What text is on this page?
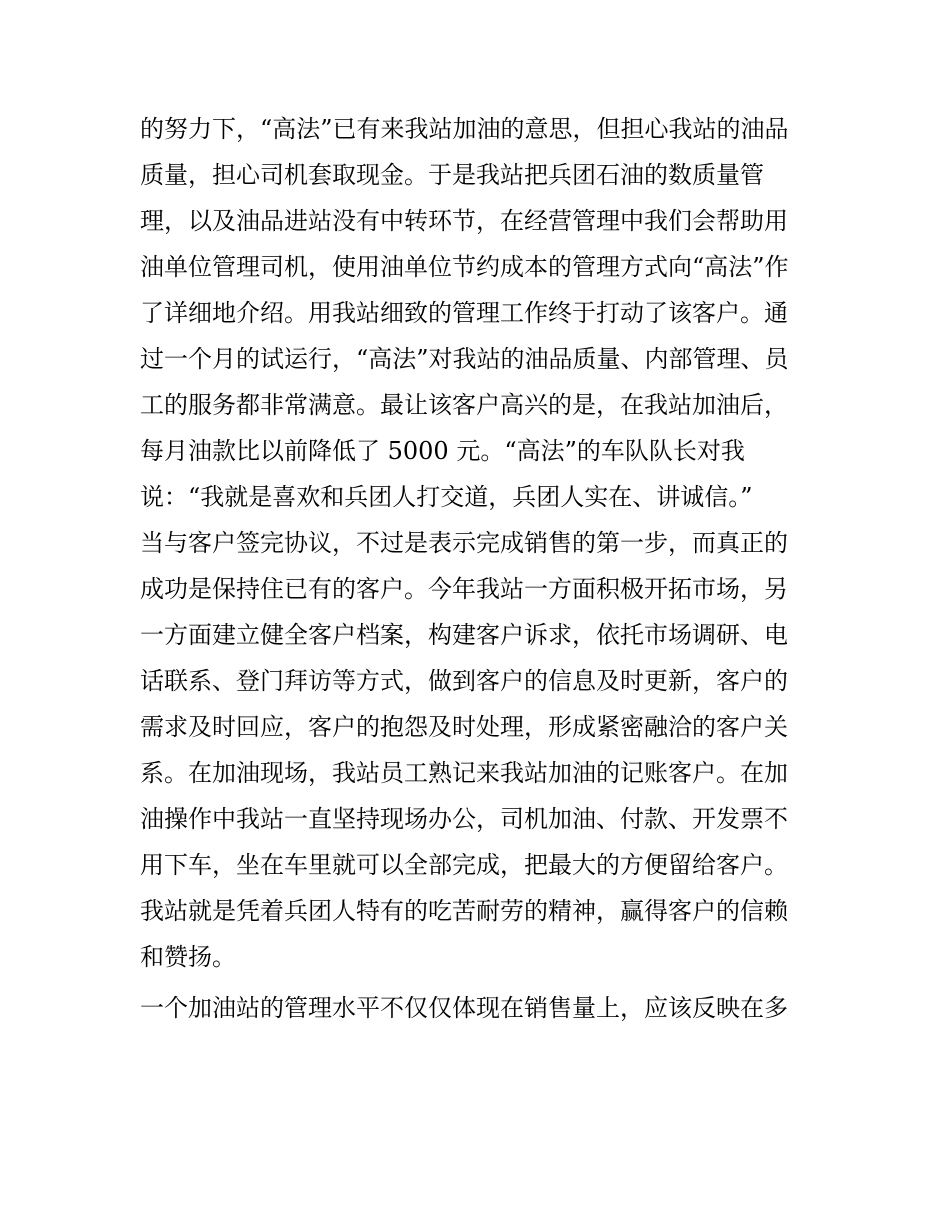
的努力下，“高法”已有来我站加油的意思，但担心我站的油品
质量，担心司机套取现金。于是我站把兵团石油的数质量管
理，以及油品进站没有中转环节，在经营管理中我们会帮助用
油单位管理司机，使用油单位节约成本的管理方式向“高法”作
了详细地介绍。用我站细致的管理工作终于打动了该客户。通
过一个月的试运行，“高法”对我站的油品质量、内部管理、员
工的服务都非常满意。最让该客户高兴的是，在我站加油后，
每月油款比以前降低了 5000 元。“高法”的车队队长对我
说：“我就是喜欢和兵团人打交道，兵团人实在、讲诚信。”
当与客户签完协议，不过是表示完成销售的第一步，而真正的
成功是保持住已有的客户。今年我站一方面积极开拓市场，另
一方面建立健全客户档案，构建客户诉求，依托市场调研、电
话联系、登门拜访等方式，做到客户的信息及时更新，客户的
需求及时回应，客户的抱怨及时处理，形成紧密融洽的客户关
系。在加油现场，我站员工熟记来我站加油的记账客户。在加
油操作中我站一直坚持现场办公，司机加油、付款、开发票不
用下车，坐在车里就可以全部完成，把最大的方便留给客户。
我站就是凭着兵团人特有的吃苦耐劳的精神，赢得客户的信赖
和赞扬。
一个加油站的管理水平不仅仅体现在销售量上，应该反映在多
